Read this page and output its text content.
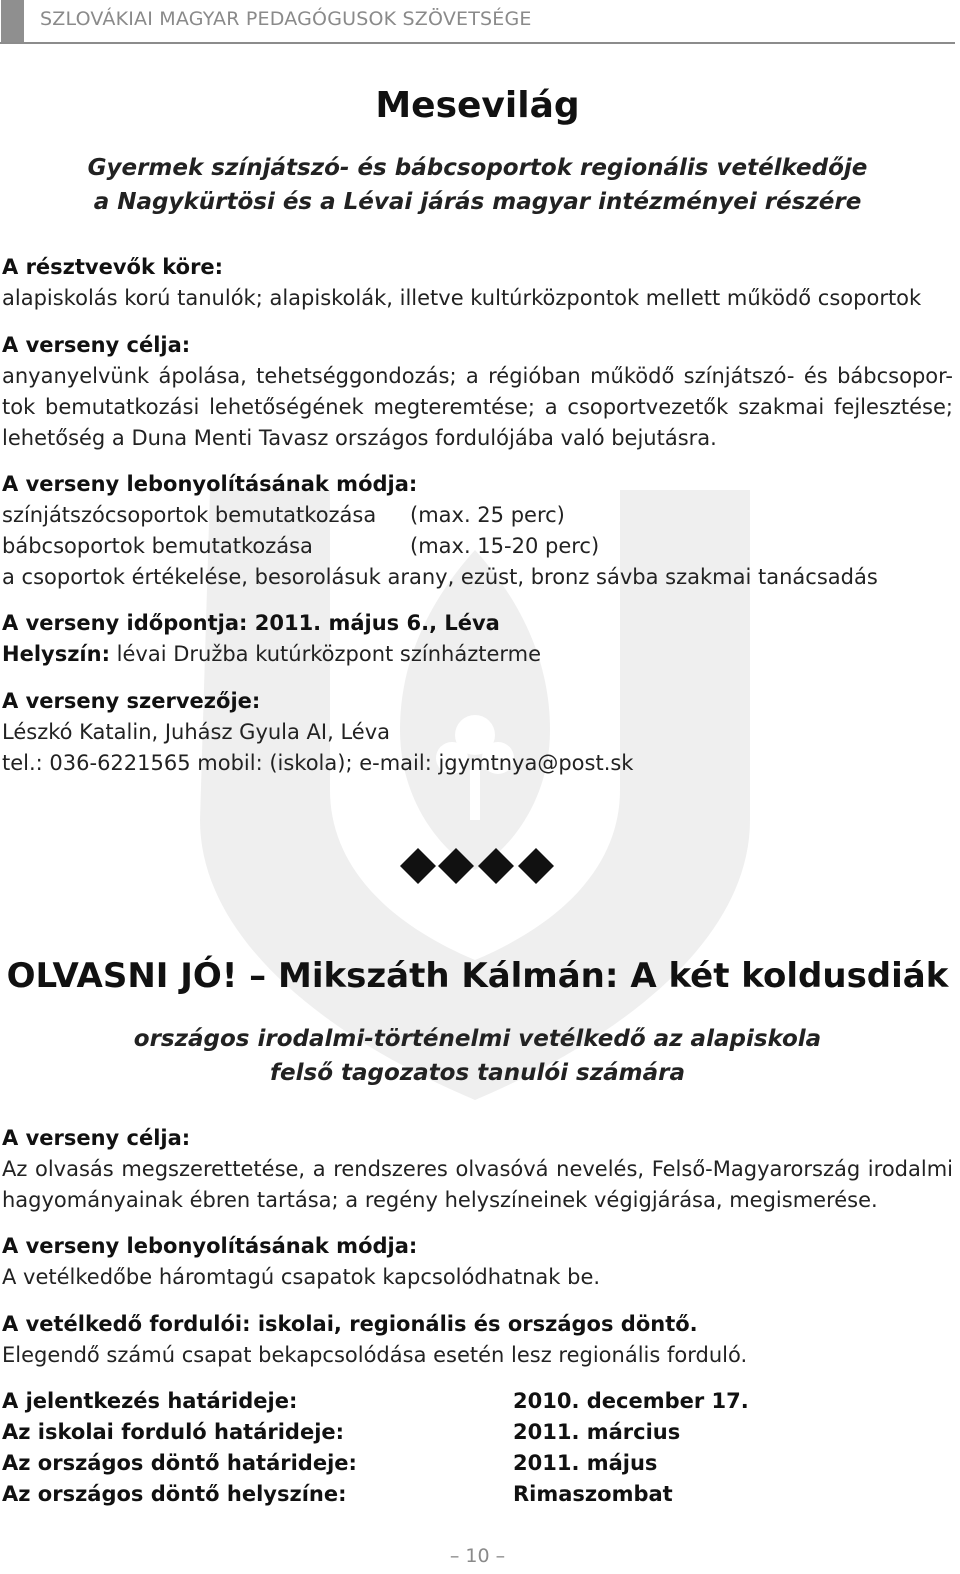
SZLOVÁKIAI MAGYAR PEDAGÓGUSOK SZÖVETSÉGE
Mesevilág
Gyermek színjátszó- és bábcsoportok regionális vetélkedője
a Nagykürtösi és a Lévai járás magyar intézményei részére
A résztvevők köre:
alapiskolás korú tanulók; alapiskolák, illetve kultúrközpontok mellett működő csoportok
A verseny célja:
anyanyelvünk ápolása, tehetséggondozás; a régióban működő színjátszó- és bábcsopor-
tok bemutatkozási lehetőségének megteremtése; a csoportvezetők szakmai fejlesztése;
lehetőség a Duna Menti Tavasz országos fordulójába való bejutásra.
A verseny lebonyolításának módja:
színjátszócsoportok bemutatkozása (max. 25 perc)
bábcsoportok bemutatkozása	(max. 15-20 perc)
a csoportok értékelése, besorolásuk arany, ezüst, bronz sávba szakmai tanácsadás
A verseny időpontja: 2011. május 6., Léva
Helyszín: lévai Družba kutúrközpont színházterme
A verseny szervezője:
Lészkó Katalin, Juhász Gyula AI, Léva
tel.: 036-6221565 mobil: (iskola); e-mail: jgymtnya@post.sk
OLVASNI JÓ! – Mikszáth Kálmán: A két koldusdiák
országos irodalmi-történelmi vetélkedő az alapiskola
felső tagozatos tanulói számára
A verseny célja:
Az olvasás megszerettetése, a rendszeres olvasóvá nevelés, Felső-Magyarország irodalmi
hagyományainak ébren tartása; a regény helyszíneinek végigjárása, megismerése.
A verseny lebonyolításának módja:
A vetélkedőbe háromtagú csapatok kapcsolódhatnak be.
A vetélkedő fordulói: iskolai, regionális és országos döntő.
Elegendő számú csapat bekapcsolódása esetén lesz regionális forduló.
A jelentkezés határideje:	2010. december 17.
Az iskolai forduló határideje:	2011. március
Az országos döntő határideje:	2011. május
Az országos döntő helyszíne:	Rimaszombat
– 10 –
